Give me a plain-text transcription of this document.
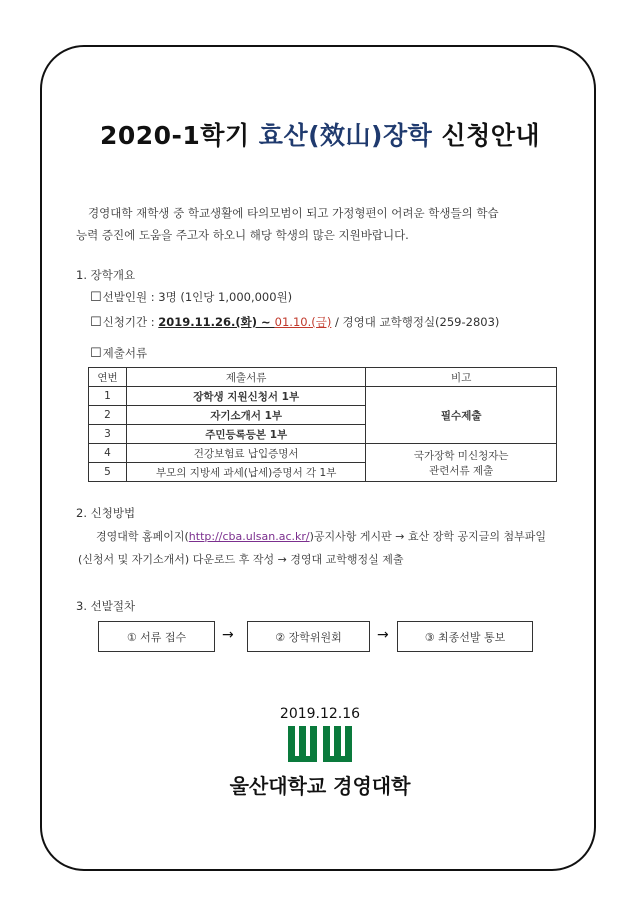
2020-1학기 효산(效山)장학 신청안내

경영대학 재학생 중 학교생활에 타의모범이 되고 가정형편이 어려운 학생들의 학습

능력 증진에 도움을 주고자 하오니 해당 학생의 많은 지원바랍니다.
1. 장학개요
☐ 선발인원 : 3명 (1인당 1,000,000원)
☐ 신청기간 : 2019.11.26.(화) ~ 01.10.(금) / 경영대 교학행정실(259-2803)
☐ 제출서류
연번	제출서류	비고
1	장학생 지원신청서 1부	필수제출
2	자기소개서 1부	
3	주민등록등본 1부	
4	건강보험료 납입증명서	국가장학 미신청자는
관련서류 제출

5	부모의 지방세 과세(납세)증명서 각 1부	
2. 신청방법
경영대학 홈페이지(http://cba.ulsan.ac.kr/)공지사항 게시판 → 효산 장학 공지글의 첨부파일
(신청서 및 자기소개서) 다운로드 후 작성 → 경영대 교학행정실 제출
3. 선발절차
① 서류 접수	→	② 장학위원회	→	③ 최종선발 통보
2019.12.16
울산대학교 경영대학
